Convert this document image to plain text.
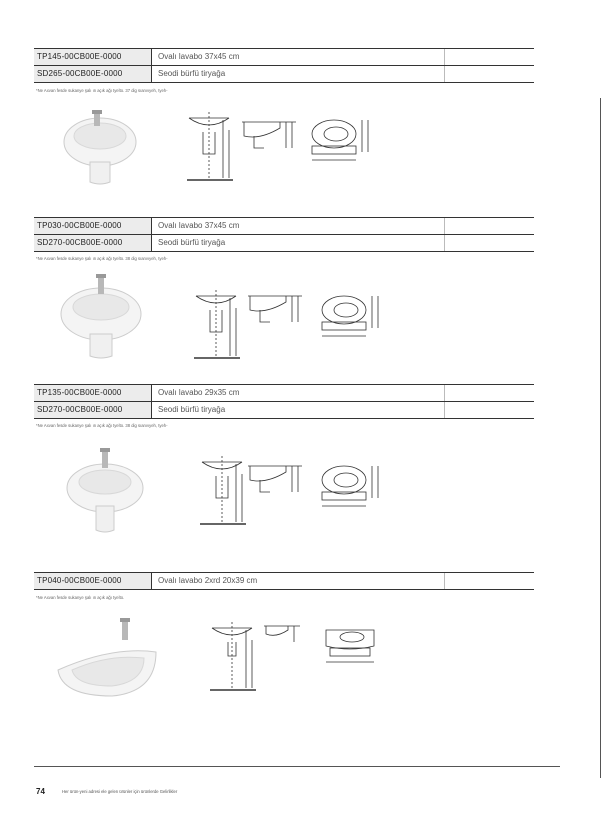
TP145-00CB00E-0000	Ovalı lavabo 37x45 cm
SD265-00CB00E-0000	Seodi bürfü tiryağa
*Ne Axvan fesde sukanye şalı ın açık ağı tyelto. 37 dig sıanvıyeh, tyeh-
TP030-00CB00E-0000	Ovalı lavabo 37x45 cm
SD270-00CB00E-0000	Seodi bürfü tiryağa
*Ne Axvan fesde sukanye şalı ın açık ağı tyelto. 38 dig sıanvıyeh, tyeh-
TP135-00CB00E-0000	Ovalı lavabo 29x35 cm
SD270-00CB00E-0000	Seodi bürfü tiryağa
*Ne Axvan fesde sukanye şalı ın açık ağı tyelto. 38 dig sıanvıyeh, tyeh-
TP040-00CB00E-0000	Ovalı lavabo 2xrd 20x39 cm
*Ne Axvan fesde sukanye şalı ın açık ağı tyelto.
74	Her ürün-yeni adresi ele gelen ürünler için ürünlerde Gelirlikler
